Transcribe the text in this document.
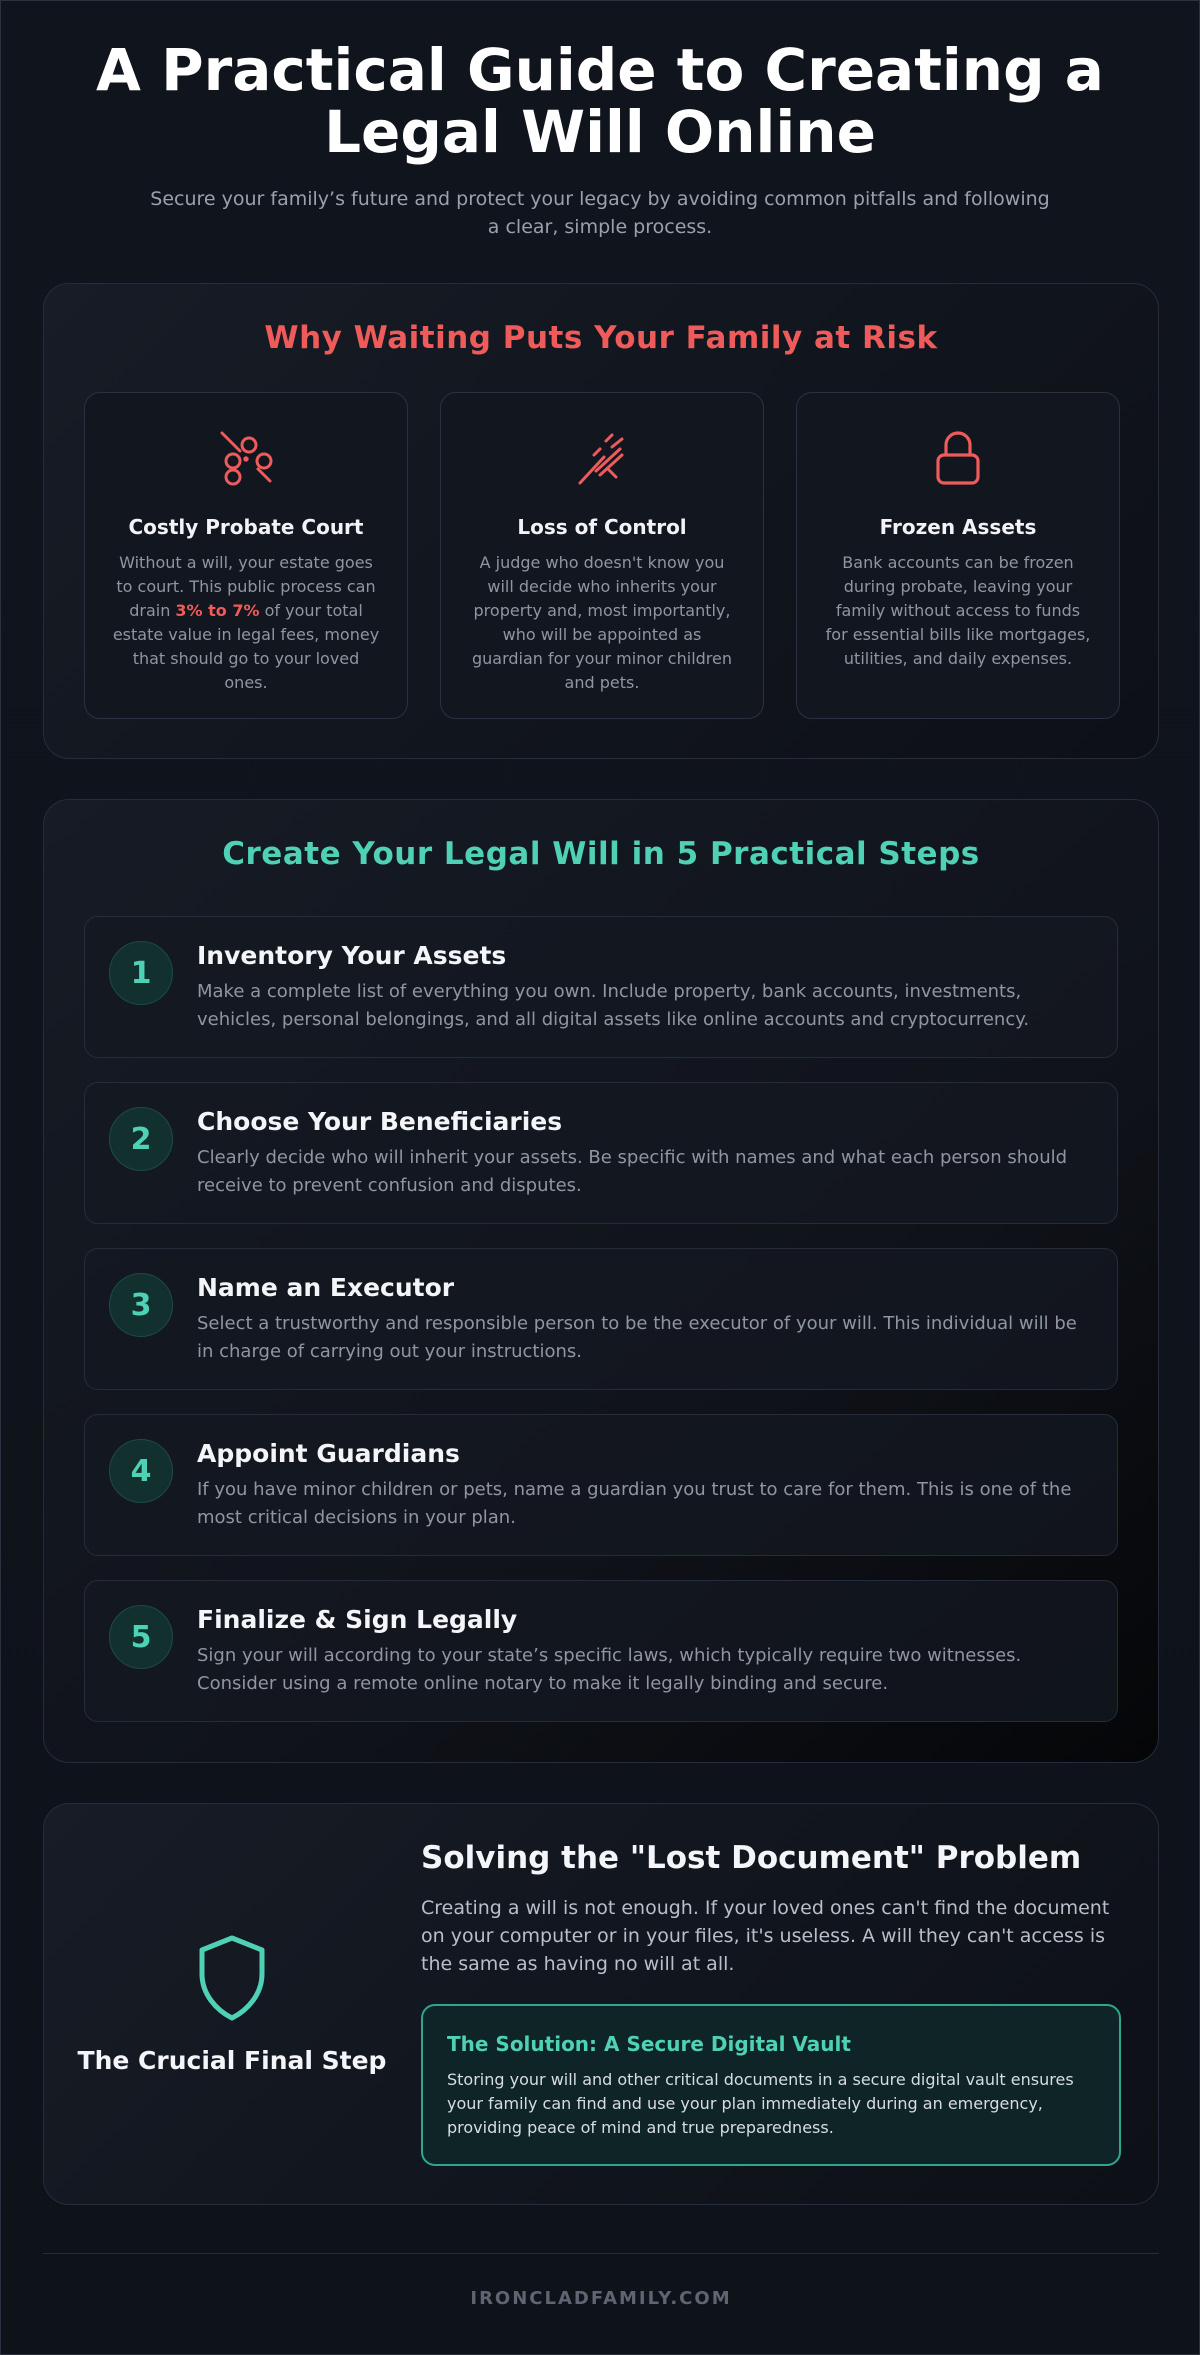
A Practical Guide to Creating a Legal Will Online

Secure your family’s future and protect your legacy by avoiding common pitfalls and following a clear, simple process.

Why Waiting Puts Your Family at Risk
Costly Probate Court

Without a will, your estate goes to court. This public process can drain 3% to 7% of your total estate value in legal fees, money that should go to your loved ones.

Loss of Control

A judge who doesn't know you will decide who inherits your property and, most importantly, who will be appointed as guardian for your minor children and pets.

Frozen Assets

Bank accounts can be frozen during probate, leaving your family without access to funds for essential bills like mortgages, utilities, and daily expenses.

Create Your Legal Will in 5 Practical Steps
1	Inventory Your Assets

Make a complete list of everything you own. Include property, bank accounts, investments, vehicles, personal belongings, and all digital assets like online accounts and cryptocurrency.

2	Choose Your Beneficiaries

Clearly decide who will inherit your assets. Be specific with names and what each person should receive to prevent confusion and disputes.

3	Name an Executor

Select a trustworthy and responsible person to be the executor of your will. This individual will be in charge of carrying out your instructions.

4	Appoint Guardians

If you have minor children or pets, name a guardian you trust to care for them. This is one of the most critical decisions in your plan.

5	Finalize & Sign Legally

Sign your will according to your state’s specific laws, which typically require two witnesses. Consider using a remote online notary to make it legally binding and secure.

The Crucial Final Step
Solving the "Lost Document" Problem

Creating a will is not enough. If your loved ones can't find the document on your computer or in your files, it's useless. A will they can't access is the same as having no will at all.

The Solution: A Secure Digital Vault

Storing your will and other critical documents in a secure digital vault ensures your family can find and use your plan immediately during an emergency, providing peace of mind and true preparedness.

IRONCLADFAMILY.COM
